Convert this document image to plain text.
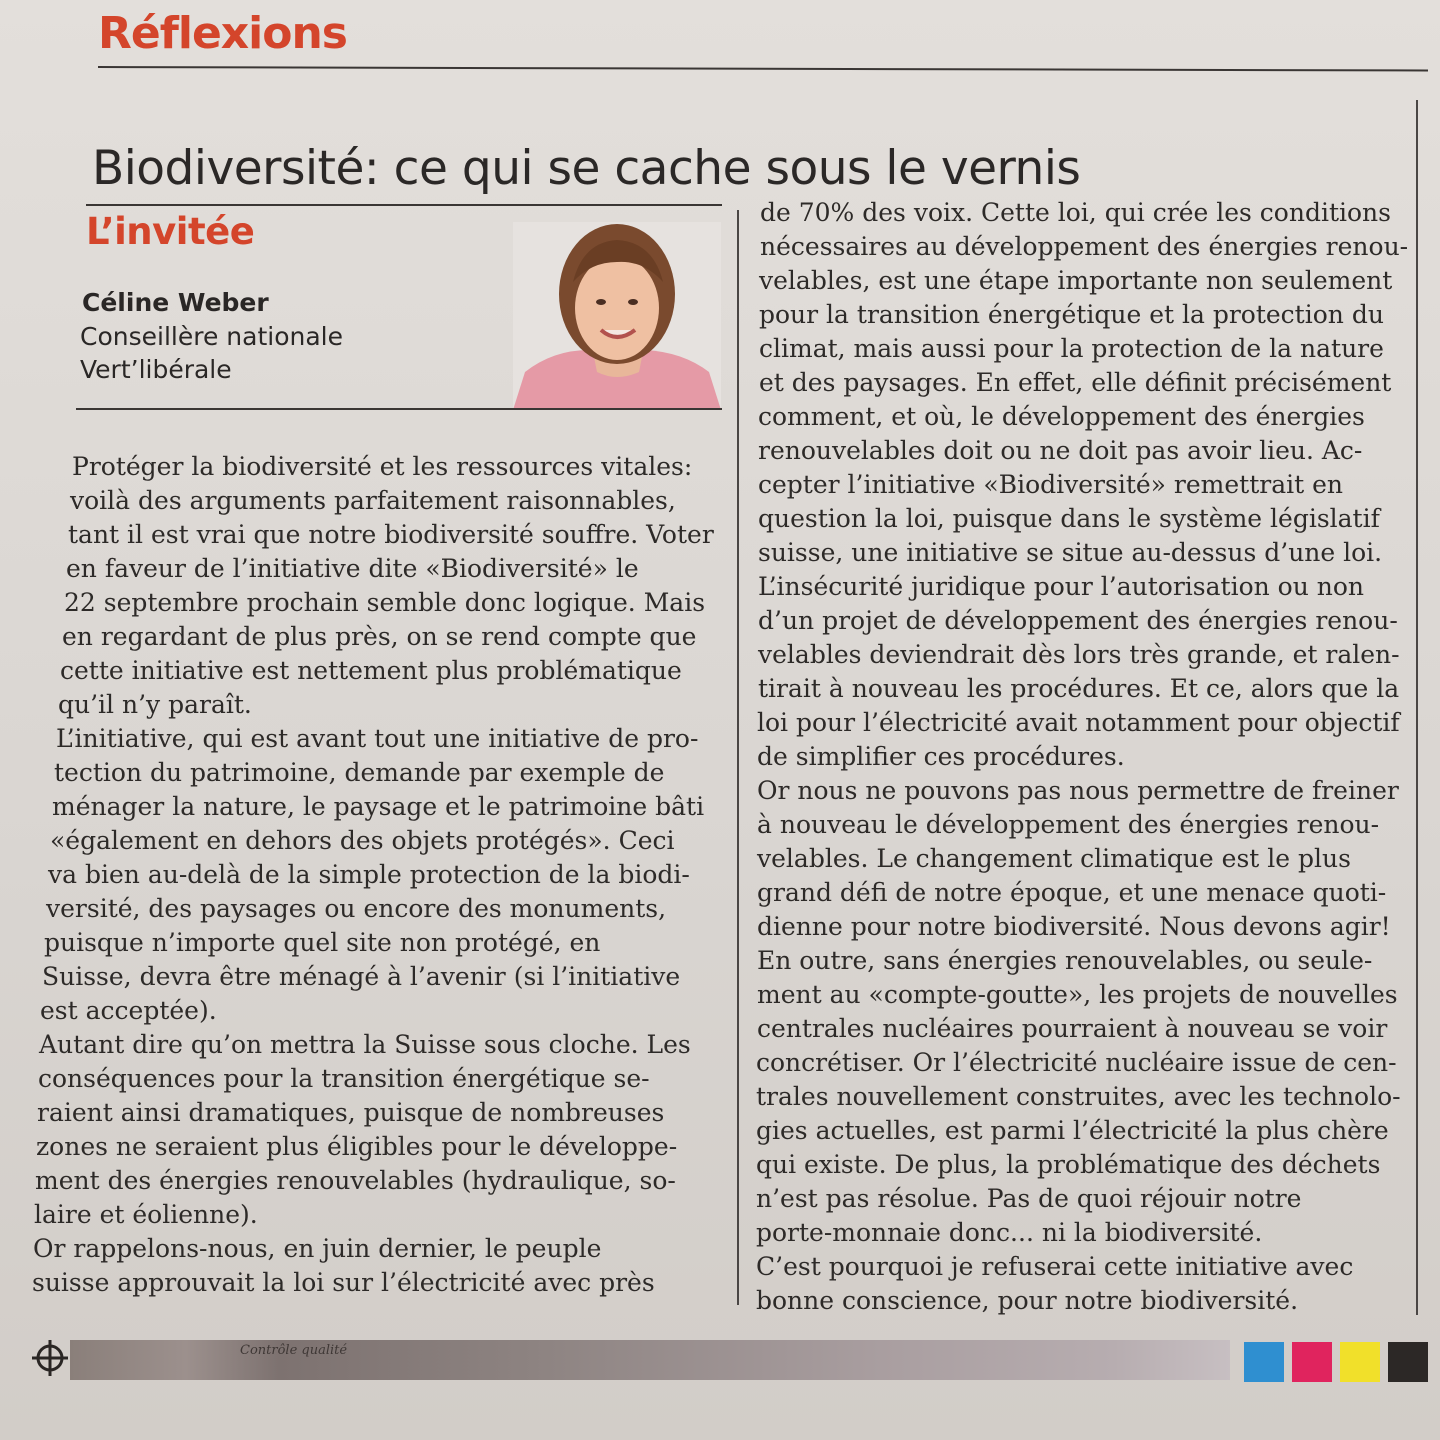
Réflexions
Biodiversité: ce qui se cache sous le vernis
L’invitée
Céline Weber
Conseillère nationale
Vert’libérale
Protéger la biodiversité et les ressources vitales:
voilà des arguments parfaitement raisonnables,
tant il est vrai que notre biodiversité souffre. Voter
en faveur de l’initiative dite «Biodiversité» le
22 septembre prochain semble donc logique. Mais
en regardant de plus près, on se rend compte que
cette initiative est nettement plus problématique
qu’il n’y paraît.
L’initiative, qui est avant tout une initiative de pro-
tection du patrimoine, demande par exemple de
ménager la nature, le paysage et le patrimoine bâti
«également en dehors des objets protégés». Ceci
va bien au-delà de la simple protection de la biodi-
versité, des paysages ou encore des monuments,
puisque n’importe quel site non protégé, en
Suisse, devra être ménagé à l’avenir (si l’initiative
est acceptée).
Autant dire qu’on mettra la Suisse sous cloche. Les
conséquences pour la transition énergétique se-
raient ainsi dramatiques, puisque de nombreuses
zones ne seraient plus éligibles pour le développe-
ment des énergies renouvelables (hydraulique, so-
laire et éolienne).
Or rappelons-nous, en juin dernier, le peuple
suisse approuvait la loi sur l’électricité avec près
de 70% des voix. Cette loi, qui crée les conditions
nécessaires au développement des énergies renou-
velables, est une étape importante non seulement
pour la transition énergétique et la protection du
climat, mais aussi pour la protection de la nature
et des paysages. En effet, elle définit précisément
comment, et où, le développement des énergies
renouvelables doit ou ne doit pas avoir lieu. Ac-
cepter l’initiative «Biodiversité» remettrait en
question la loi, puisque dans le système législatif
suisse, une initiative se situe au-dessus d’une loi.
L’insécurité juridique pour l’autorisation ou non
d’un projet de développement des énergies renou-
velables deviendrait dès lors très grande, et ralen-
tirait à nouveau les procédures. Et ce, alors que la
loi pour l’électricité avait notamment pour objectif
de simplifier ces procédures.
Or nous ne pouvons pas nous permettre de freiner
à nouveau le développement des énergies renou-
velables. Le changement climatique est le plus
grand défi de notre époque, et une menace quoti-
dienne pour notre biodiversité. Nous devons agir!
En outre, sans énergies renouvelables, ou seule-
ment au «compte-goutte», les projets de nouvelles
centrales nucléaires pourraient à nouveau se voir
concrétiser. Or l’électricité nucléaire issue de cen-
trales nouvellement construites, avec les technolo-
gies actuelles, est parmi l’électricité la plus chère
qui existe. De plus, la problématique des déchets
n’est pas résolue. Pas de quoi réjouir notre
porte-monnaie donc... ni la biodiversité.
C’est pourquoi je refuserai cette initiative avec
bonne conscience, pour notre biodiversité.
Contrôle qualité
